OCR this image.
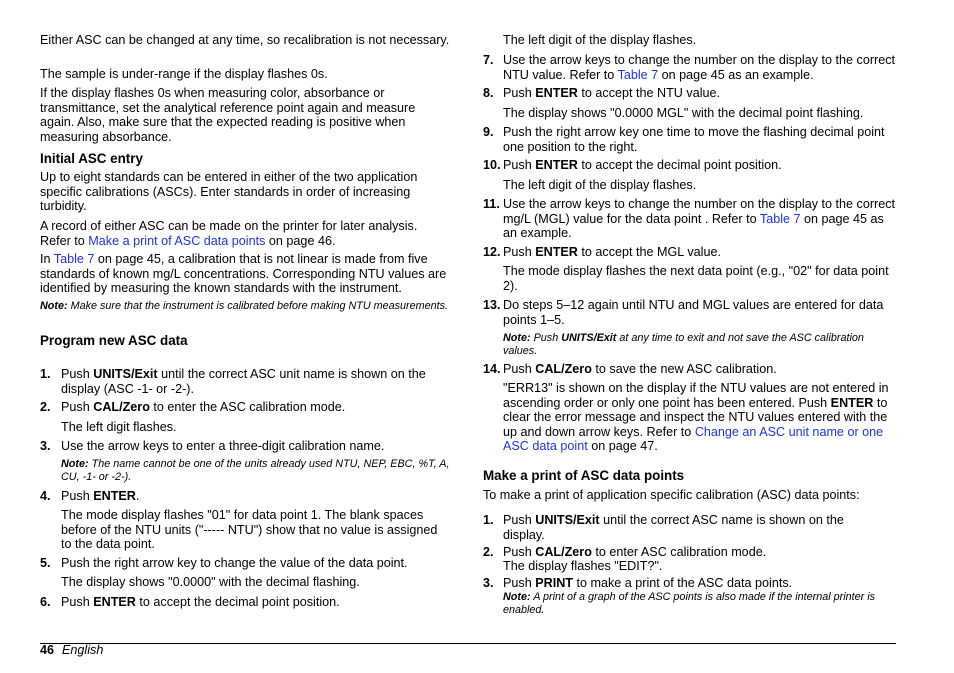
Either ASC can be changed at any time, so recalibration is not necessary.

The sample is under-range if the display flashes 0s.

If the display flashes 0s when measuring color, absorbance or transmittance, set the analytical reference point again and measure again. Also, make sure that the expected reading is positive when measuring absorbance.

Initial ASC entry

Up to eight standards can be entered in either of the two application specific calibrations (ASCs). Enter standards in order of increasing turbidity.

A record of either ASC can be made on the printer for later analysis. Refer to Make a print of ASC data points on page 46.

In Table 7 on page 45, a calibration that is not linear is made from five standards of known mg/L concentrations. Corresponding NTU values are identified by measuring the known standards with the instrument.

Note: Make sure that the instrument is calibrated before making NTU measurements.

Program new ASC data

1. Push UNITS/Exit until the correct ASC unit name is shown on the display (ASC -1- or -2-).

2. Push CAL/Zero to enter the ASC calibration mode.

The left digit flashes.

3. Use the arrow keys to enter a three-digit calibration name.

Note: The name cannot be one of the units already used NTU, NEP, EBC, %T, A, CU, -1- or -2-).

4. Push ENTER.

The mode display flashes "01" for data point 1. The blank spaces before of the NTU units ("----- NTU") show that no value is assigned to the data point.

5. Push the right arrow key to change the value of the data point.

The display shows "0.0000" with the decimal flashing.

6. Push ENTER to accept the decimal point position.

The left digit of the display flashes.

7. Use the arrow keys to change the number on the display to the correct NTU value. Refer to Table 7 on page 45 as an example.

8. Push ENTER to accept the NTU value.

The display shows "0.0000 MGL" with the decimal point flashing.

9. Push the right arrow key one time to move the flashing decimal point one position to the right.

10. Push ENTER to accept the decimal point position.

The left digit of the display flashes.

11. Use the arrow keys to change the number on the display to the correct mg/L (MGL) value for the data point . Refer to Table 7 on page 45 as an example.

12. Push ENTER to accept the MGL value.

The mode display flashes the next data point (e.g., "02" for data point 2).

13. Do steps 5–12 again until NTU and MGL values are entered for data points 1–5.

Note: Push UNITS/Exit at any time to exit and not save the ASC calibration values.

14. Push CAL/Zero to save the new ASC calibration.

"ERR13" is shown on the display if the NTU values are not entered in ascending order or only one point has been entered. Push ENTER to clear the error message and inspect the NTU values entered with the up and down arrow keys. Refer to Change an ASC unit name or one ASC data point on page 47.

Make a print of ASC data points

To make a print of application specific calibration (ASC) data points:

1. Push UNITS/Exit until the correct ASC name is shown on the display.

2. Push CAL/Zero to enter ASC calibration mode.

The display flashes "EDIT?".

3. Push PRINT to make a print of the ASC data points.

Note: A print of a graph of the ASC points is also made if the internal printer is enabled.

46 English
